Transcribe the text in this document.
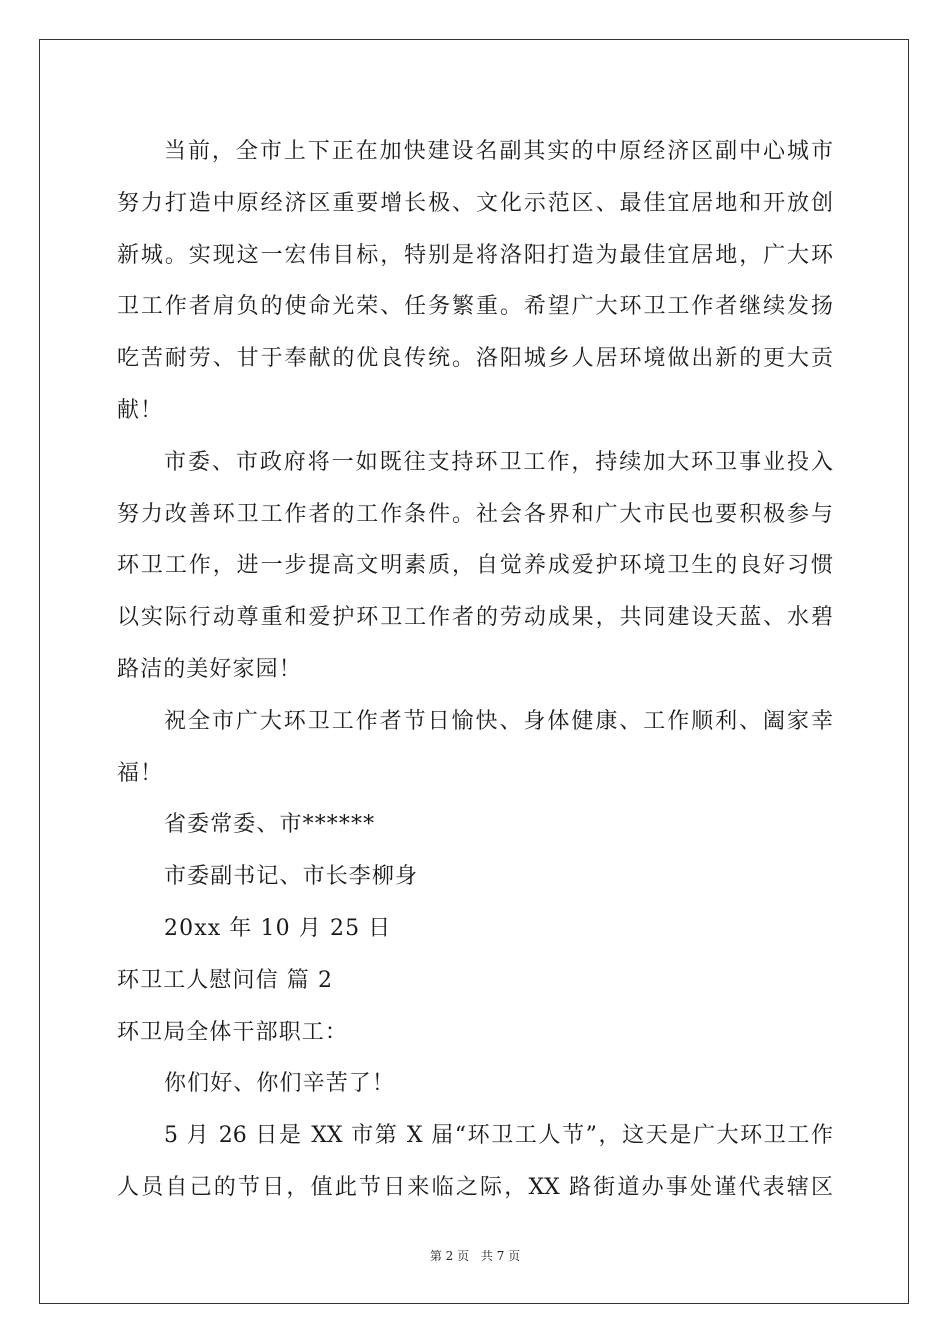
当前，全市上下正在加快建设名副其实的中原经济区副中心城市
努力打造中原经济区重要增长极、文化示范区、最佳宜居地和开放创
新城。实现这一宏伟目标，特别是将洛阳打造为最佳宜居地，广大环
卫工作者肩负的使命光荣、任务繁重。希望广大环卫工作者继续发扬
吃苦耐劳、甘于奉献的优良传统。洛阳城乡人居环境做出新的更大贡
献！
市委、市政府将一如既往支持环卫工作，持续加大环卫事业投入
努力改善环卫工作者的工作条件。社会各界和广大市民也要积极参与
环卫工作，进一步提高文明素质，自觉养成爱护环境卫生的良好习惯
以实际行动尊重和爱护环卫工作者的劳动成果，共同建设天蓝、水碧
路洁的美好家园！
祝全市广大环卫工作者节日愉快、身体健康、工作顺利、阖家幸
福！
省委常委、市******
市委副书记、市长李柳身
20xx 年 10 月 25 日
环卫工人慰问信 篇 2
环卫局全体干部职工：
你们好、你们辛苦了！
5 月 26 日是 XX 市第 X 届“环卫工人节”，这天是广大环卫工作
人员自己的节日，值此节日来临之际，XX 路街道办事处谨代表辖区
第 2 页 共 7 页
